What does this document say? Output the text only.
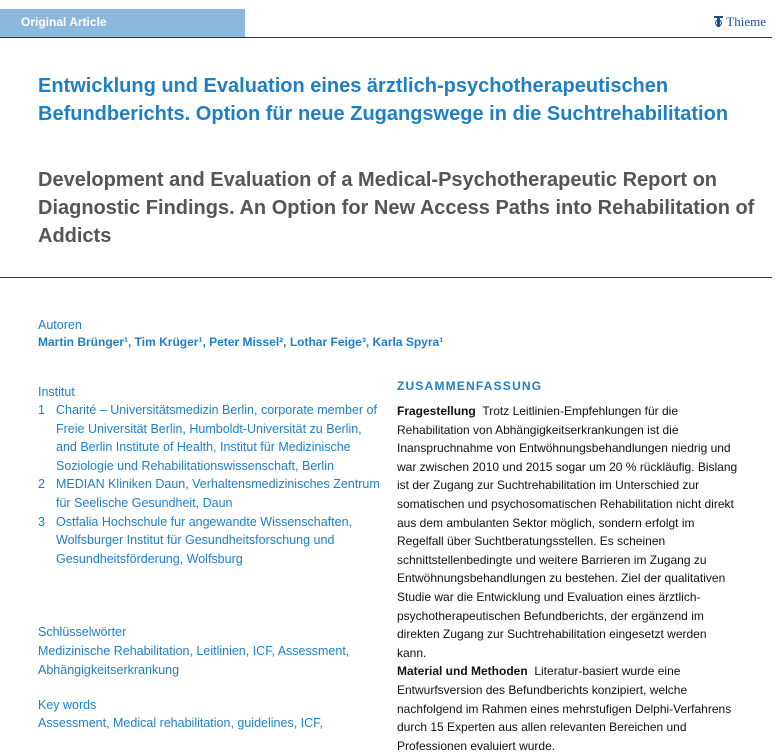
Original Article	Thieme
Entwicklung und Evaluation eines ärztlich-psychotherapeutischen Befundberichts. Option für neue Zugangswege in die Suchtrehabilitation
Development and Evaluation of a Medical-Psychotherapeutic Report on Diagnostic Findings. An Option for New Access Paths into Rehabilitation of Addicts
Autoren
Martin Brünger¹, Tim Krüger¹, Peter Missel², Lothar Feige³, Karla Spyra¹
Institut
1 Charité – Universitätsmedizin Berlin, corporate member of Freie Universität Berlin, Humboldt-Universität zu Berlin, and Berlin Institute of Health, Institut für Medizinische Soziologie und Rehabilitationswissenschaft, Berlin
2 MEDIAN Kliniken Daun, Verhaltensmedizinisches Zentrum für Seelische Gesundheit, Daun
3 Ostfalia Hochschule fur angewandte Wissenschaften, Wolfsburger Institut für Gesundheitsforschung und Gesundheitsförderung, Wolfsburg
Schlüsselwörter
Medizinische Rehabilitation, Leitlinien, ICF, Assessment, Abhängigkeitserkrankung
Key words
Assessment, Medical rehabilitation, guidelines, ICF,
ZUSAMMENFASSUNG

Fragestellung Trotz Leitlinien-Empfehlungen für die Rehabilitation von Abhängigkeitserkrankungen ist die Inanspruchnahme von Entwöhnungsbehandlungen niedrig und war zwischen 2010 und 2015 sogar um 20 % rückläufig. Bislang ist der Zugang zur Suchtrehabilitation im Unterschied zur somatischen und psychosomatischen Rehabilitation nicht direkt aus dem ambulanten Sektor möglich, sondern erfolgt im Regelfall über Suchtberatungsstellen. Es scheinen schnittstellenbedingte und weitere Barrieren im Zugang zu Entwöhnungsbehandlungen zu bestehen. Ziel der qualitativen Studie war die Entwicklung und Evaluation eines ärztlich-psychotherapeutischen Befundberichts, der ergänzend im direkten Zugang zur Suchtrehabilitation eingesetzt werden kann.

Material und Methoden Literatur-basiert wurde eine Entwurfsversion des Befundberichts konzipiert, welche nachfolgend im Rahmen eines mehrstufigen Delphi-Verfahrens durch 15 Experten aus allen relevanten Bereichen und Professionen evaluiert wurde.
